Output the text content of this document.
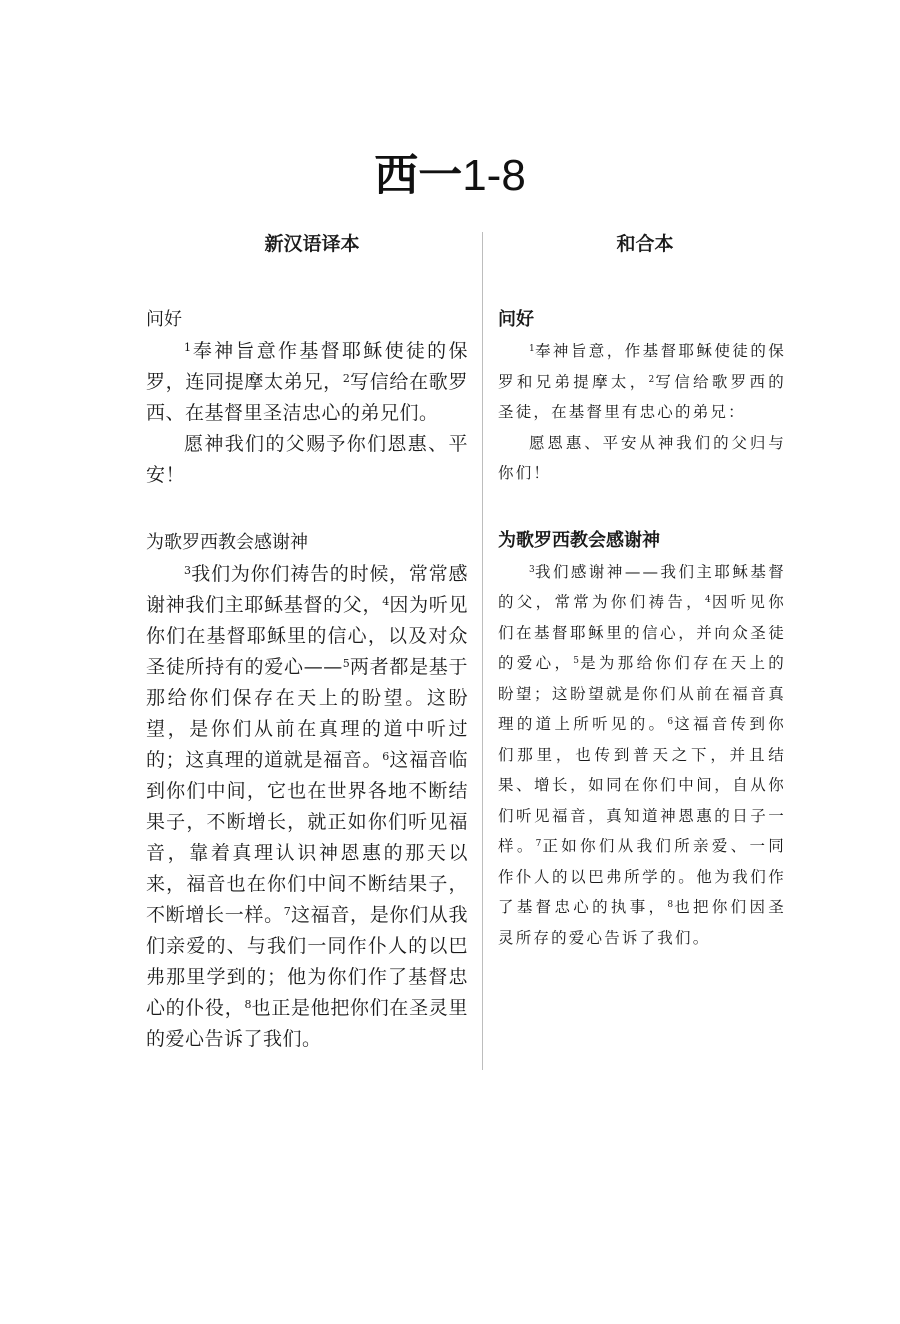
西一1-8
新汉语译本
问好

$^1$奉神旨意作基督耶稣使徒的保罗，连同提摩太弟兄，$^2$写信给在歌罗西、在基督里圣洁忠心的弟兄们。

愿神我们的父赐予你们恩惠、平安！

为歌罗西教会感谢神

$^3$我们为你们祷告的时候，常常感谢神我们主耶稣基督的父，$^4$因为听见你们在基督耶稣里的信心，以及对众圣徒所持有的爱心——$^5$两者都是基于那给你们保存在天上的盼望。这盼望，是你们从前在真理的道中听过的；这真理的道就是福音。$^6$这福音临到你们中间，它也在世界各地不断结果子，不断增长，就正如你们听见福音，靠着真理认识神恩惠的那天以来，福音也在你们中间不断结果子，不断增长一样。$^7$这福音，是你们从我们亲爱的、与我们一同作仆人的以巴弗那里学到的；他为你们作了基督忠心的仆役，$^8$也正是他把你们在圣灵里的爱心告诉了我们。

和合本
问好

$^1$奉神旨意，作基督耶稣使徒的保罗和兄弟提摩太，$^2$写信给歌罗西的圣徒，在基督里有忠心的弟兄：

愿恩惠、平安从神我们的父归与你们！

为歌罗西教会感谢神

$^3$我们感谢神——我们主耶稣基督的父，常常为你们祷告，$^4$因听见你们在基督耶稣里的信心，并向众圣徒的爱心，$^5$是为那给你们存在天上的盼望；这盼望就是你们从前在福音真理的道上所听见的。$^6$这福音传到你们那里，也传到普天之下，并且结果、增长，如同在你们中间，自从你们听见福音，真知道神恩惠的日子一样。$^7$正如你们从我们所亲爱、一同作仆人的以巴弗所学的。他为我们作了基督忠心的执事，$^8$也把你们因圣灵所存的爱心告诉了我们。
